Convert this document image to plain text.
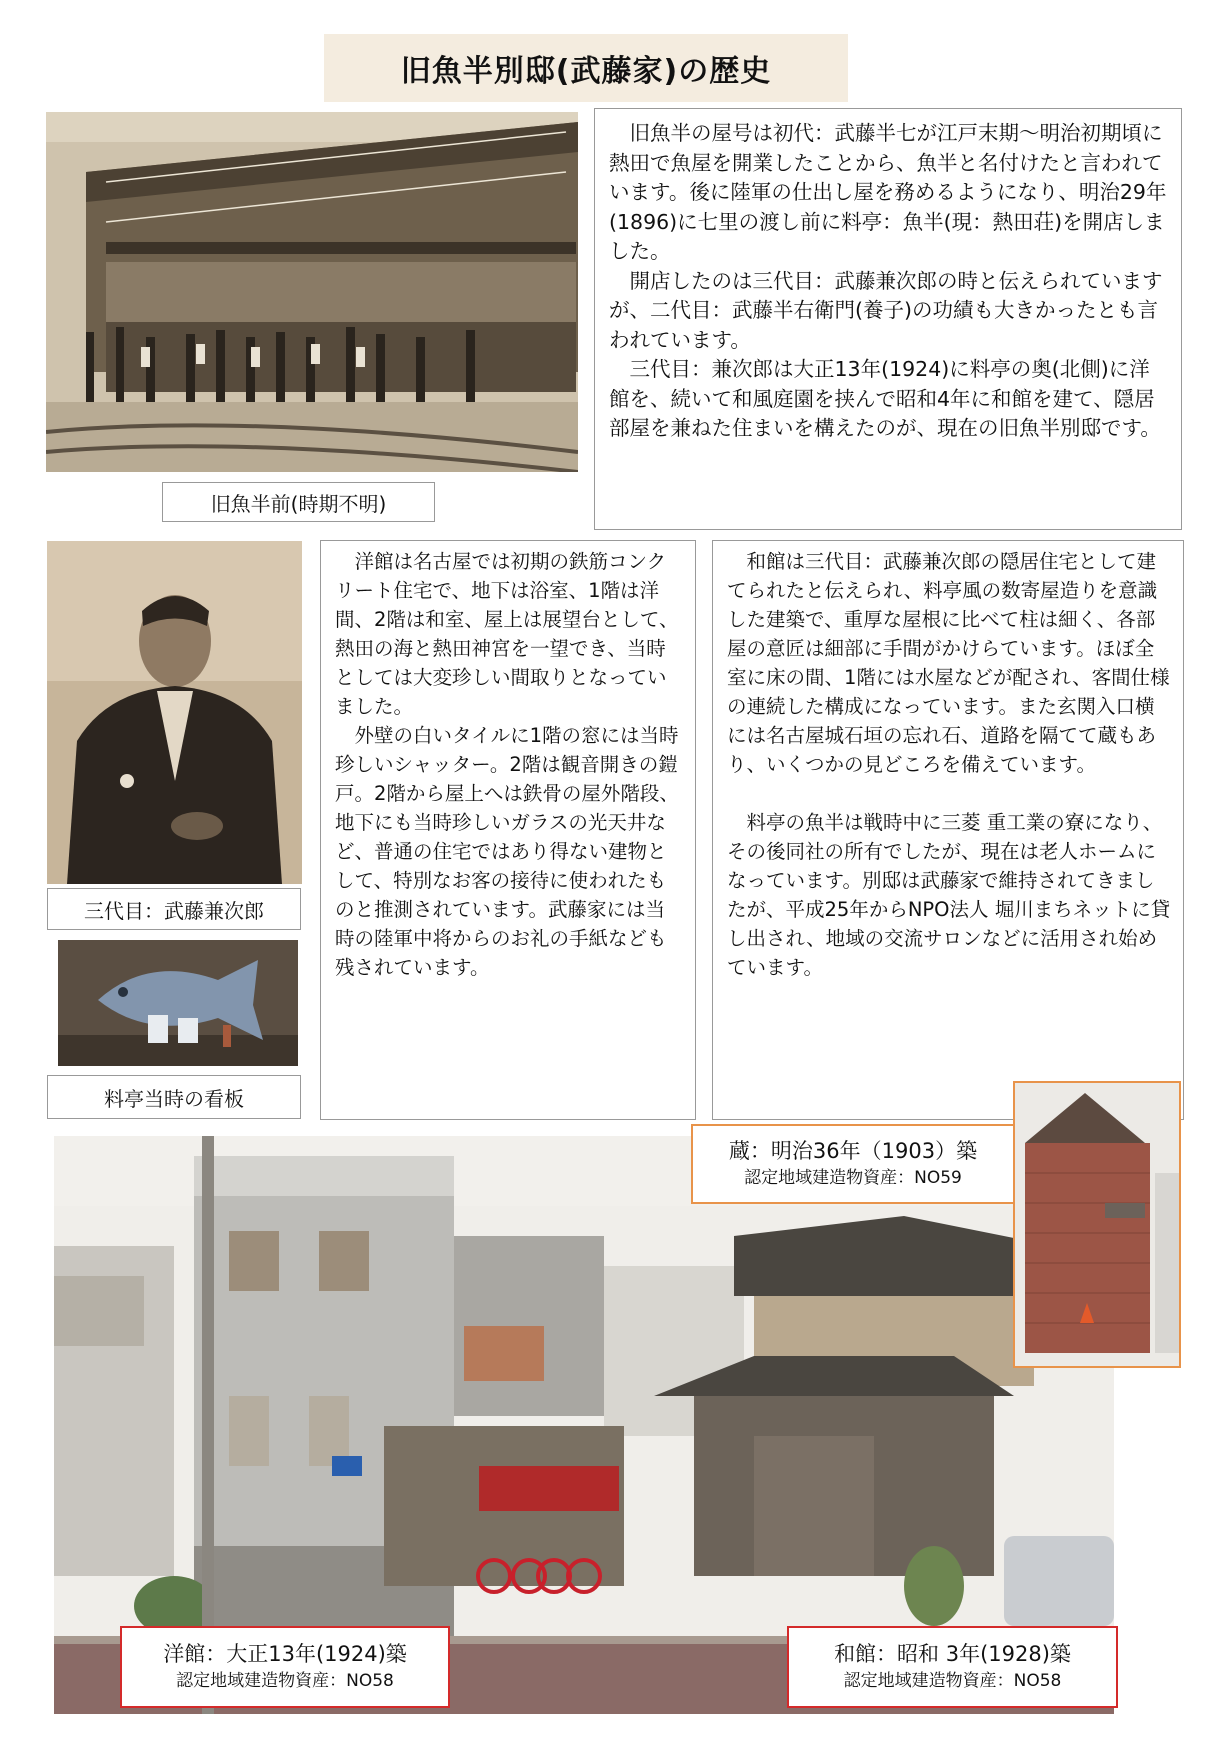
旧魚半別邸(武藤家)の歴史
旧魚半前(時期不明)
　旧魚半の屋号は初代：武藤半七が江戸末期～明治初期頃に熱田で魚屋を開業したことから、魚半と名付けたと言われています。後に陸軍の仕出し屋を務めるようになり、明治29年(1896)に七里の渡し前に料亭：魚半(現：熱田荘)を開店しました。
　開店したのは三代目：武藤兼次郎の時と伝えられていますが、二代目：武藤半右衛門(養子)の功績も大きかったとも言われています。
　三代目：兼次郎は大正13年(1924)に料亭の奥(北側)に洋館を、続いて和風庭園を挟んで昭和4年に和館を建て、隠居部屋を兼ねた住まいを構えたのが、現在の旧魚半別邸です。
三代目：武藤兼次郎
料亭当時の看板
　洋館は名古屋では初期の鉄筋コンクリート住宅で、地下は浴室、1階は洋間、2階は和室、屋上は展望台として、熱田の海と熱田神宮を一望でき、当時としては大変珍しい間取りとなっていました。
　外壁の白いタイルに1階の窓には当時珍しいシャッター。2階は観音開きの鎧戸。2階から屋上へは鉄骨の屋外階段、地下にも当時珍しいガラスの光天井など、普通の住宅ではあり得ない建物として、特別なお客の接待に使われたものと推測されています。武藤家には当時の陸軍中将からのお礼の手紙なども残されています。
　和館は三代目：武藤兼次郎の隠居住宅として建てられたと伝えられ、料亭風の数寄屋造りを意識した建築で、重厚な屋根に比べて柱は細く、各部屋の意匠は細部に手間がかけらています。ほぼ全室に床の間、1階には水屋などが配され、客間仕様の連続した構成になっています。また玄関入口横には名古屋城石垣の忘れ石、道路を隔てて蔵もあり、いくつかの見どころを備えています。

　料亭の魚半は戦時中に三菱 重工業の寮になり、その後同社の所有でしたが、現在は老人ホームになっています。別邸は武藤家で維持されてきましたが、平成25年からNPO法人 堀川まちネットに貸し出され、地域の交流サロンなどに活用され始めています。
蔵：明治36年（1903）築
認定地域建造物資産：NO59
洋館：大正13年(1924)築
認定地域建造物資産：NO58
和館：昭和 3年(1928)築
認定地域建造物資産：NO58
